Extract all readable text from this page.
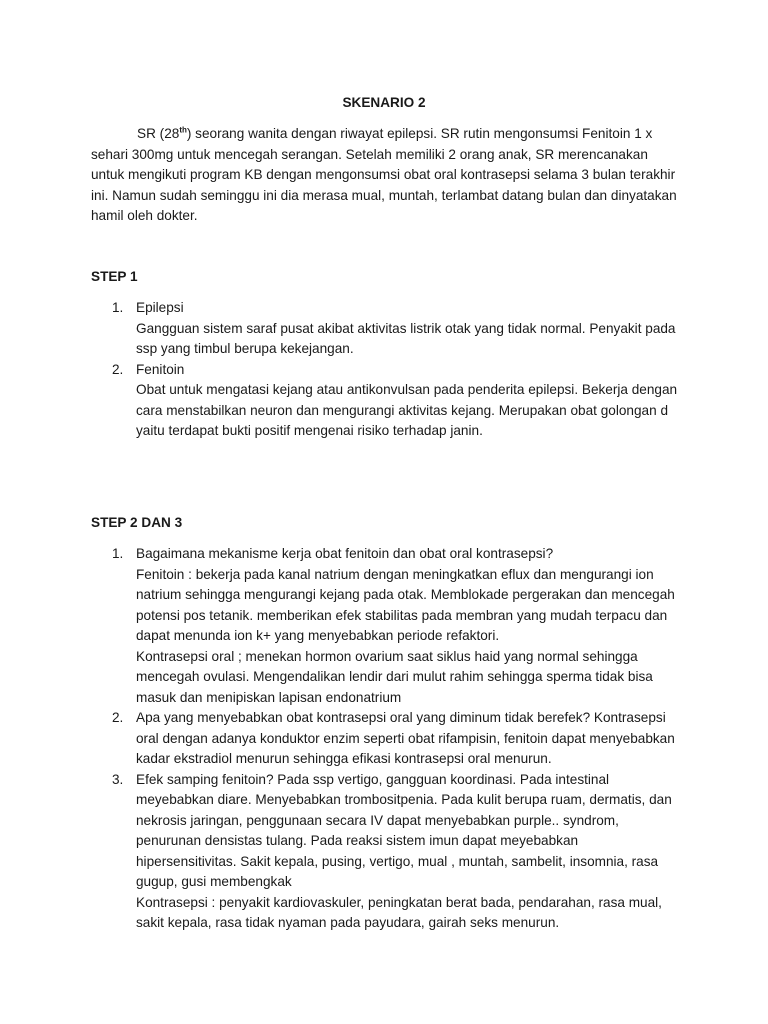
SKENARIO 2

SR (28th) seorang wanita dengan riwayat epilepsi. SR rutin mengonsumsi Fenitoin 1 x sehari 300mg untuk mencegah serangan. Setelah memiliki 2 orang anak, SR merencanakan untuk mengikuti program KB dengan mengonsumsi obat oral kontrasepsi selama 3 bulan terakhir ini. Namun sudah seminggu ini dia merasa mual, muntah, terlambat datang bulan dan dinyatakan hamil oleh dokter.

STEP 1
1. Epilepsi
Gangguan sistem saraf pusat akibat aktivitas listrik otak yang tidak normal. Penyakit pada ssp yang timbul berupa kekejangan.
2. Fenitoin
Obat untuk mengatasi kejang atau antikonvulsan pada penderita epilepsi. Bekerja dengan cara menstabilkan neuron dan mengurangi aktivitas kejang. Merupakan obat golongan d yaitu terdapat bukti positif mengenai risiko terhadap janin.
STEP 2 DAN 3
1. Bagaimana mekanisme kerja obat fenitoin dan obat oral kontrasepsi?
Fenitoin : bekerja pada kanal natrium dengan meningkatkan eflux dan mengurangi ion natrium sehingga mengurangi kejang pada otak. Memblokade pergerakan dan mencegah potensi pos tetanik. memberikan efek stabilitas pada membran yang mudah terpacu dan dapat menunda ion k+ yang menyebabkan periode refaktori.
Kontrasepsi oral ; menekan hormon ovarium saat siklus haid yang normal sehingga mencegah ovulasi. Mengendalikan lendir dari mulut rahim sehingga sperma tidak bisa masuk dan menipiskan lapisan endonatrium
2. Apa yang menyebabkan obat kontrasepsi oral yang diminum tidak berefek? Kontrasepsi oral dengan adanya konduktor enzim seperti obat rifampisin, fenitoin dapat menyebabkan kadar ekstradiol menurun sehingga efikasi kontrasepsi oral menurun.
3. Efek samping fenitoin? Pada ssp vertigo, gangguan koordinasi. Pada intestinal meyebabkan diare. Menyebabkan trombositpenia. Pada kulit berupa ruam, dermatis, dan nekrosis jaringan, penggunaan secara IV dapat menyebabkan purple.. syndrom, penurunan densistas tulang. Pada reaksi sistem imun dapat meyebabkan hipersensitivitas. Sakit kepala, pusing, vertigo, mual , muntah, sambelit, insomnia, rasa gugup, gusi membengkak
Kontrasepsi : penyakit kardiovaskuler, peningkatan berat bada, pendarahan, rasa mual, sakit kepala, rasa tidak nyaman pada payudara, gairah seks menurun.
